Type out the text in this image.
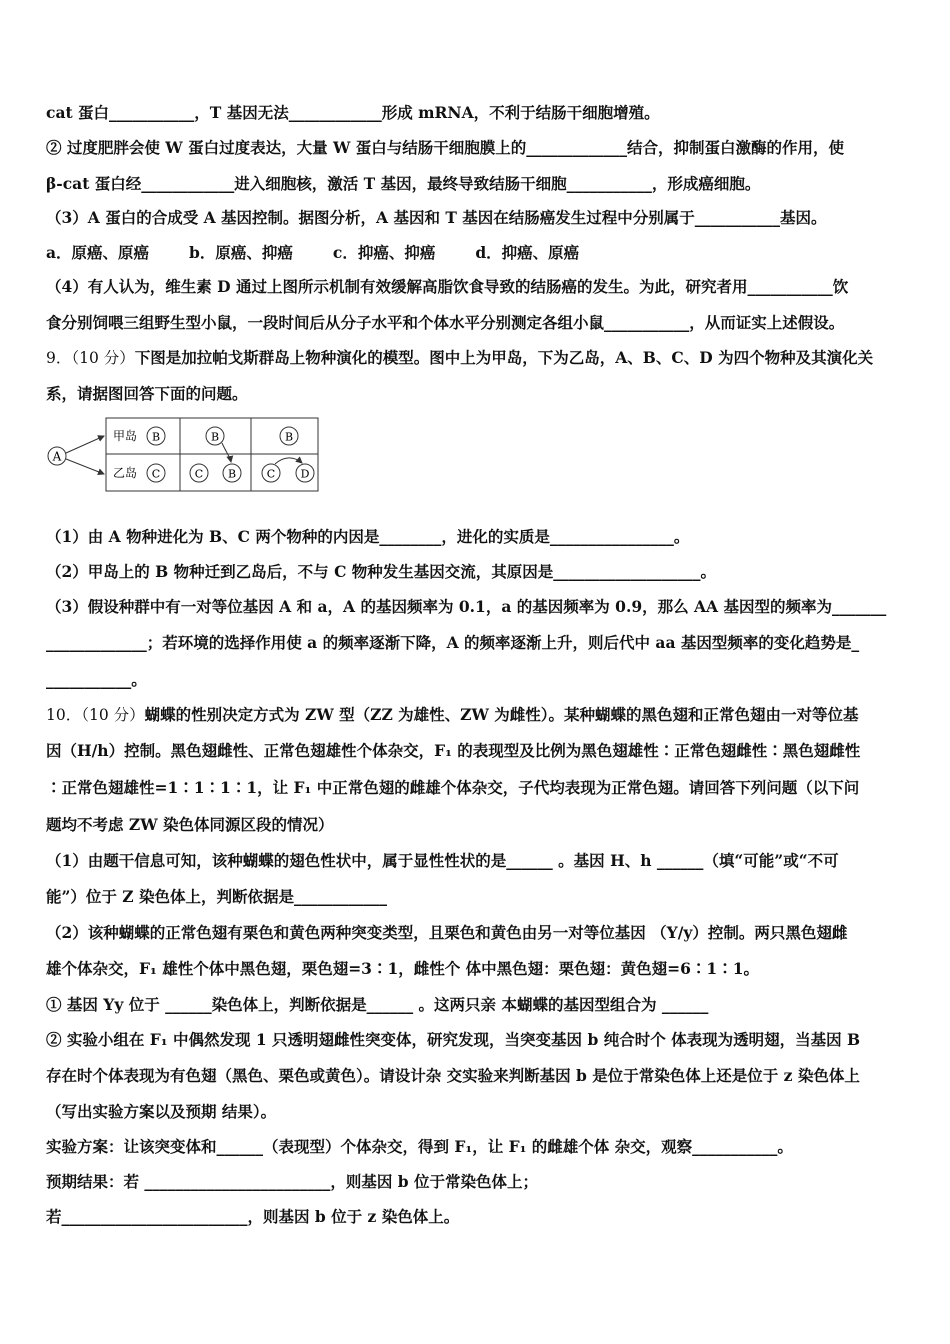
cat 蛋白___________，T 基因无法____________形成 mRNA，不利于结肠干细胞增殖。
② 过度肥胖会使 W 蛋白过度表达，大量 W 蛋白与结肠干细胞膜上的_____________结合，抑制蛋白激酶的作用，使
β-cat 蛋白经____________进入细胞核，激活 T 基因，最终导致结肠干细胞___________，形成癌细胞。
（3）A 蛋白的合成受 A 基因控制。据图分析，A 基因和 T 基因在结肠癌发生过程中分别属于___________基因。
a．原癌、原癌	b．原癌、抑癌	c．抑癌、抑癌	d．抑癌、原癌
（4）有人认为，维生素 D 通过上图所示机制有效缓解高脂饮食导致的结肠癌的发生。为此，研究者用___________饮
食分别饲喂三组野生型小鼠，一段时间后从分子水平和个体水平分别测定各组小鼠___________，从而证实上述假设。
9．（10 分）下图是加拉帕戈斯群岛上物种演化的模型。图中上为甲岛，下为乙岛，A、B、C、D 为四个物种及其演化关
系，请据图回答下面的问题。
A
甲岛
乙岛
B
C
B
C B
B
C D
（1）由 A 物种进化为 B、C 两个物种的内因是________，进化的实质是________________。
（2）甲岛上的 B 物种迁到乙岛后，不与 C 物种发生基因交流，其原因是___________________。
（3）假设种群中有一对等位基因 A 和 a，A 的基因频率为 0.1，a 的基因频率为 0.9，那么 AA 基因型的频率为_______
_____________；若环境的选择作用使 a 的频率逐渐下降，A 的频率逐渐上升，则后代中 aa 基因型频率的变化趋势是_
___________。
10．（10 分）蝴蝶的性别决定方式为 ZW 型（ZZ 为雄性、ZW 为雌性）。某种蝴蝶的黑色翅和正常色翅由一对等位基
因（H/h）控制。黑色翅雌性、正常色翅雄性个体杂交，F₁ 的表现型及比例为黑色翅雄性∶正常色翅雌性∶黑色翅雌性
∶正常色翅雄性=1∶1∶1∶1，让 F₁ 中正常色翅的雌雄个体杂交，子代均表现为正常色翅。请回答下列问题（以下问
题均不考虑 ZW 染色体同源区段的情况）
（1）由题干信息可知，该种蝴蝶的翅色性状中，属于显性性状的是______ 。基因 H、h ______（填“可能”或“不可
能”）位于 Z 染色体上，判断依据是____________
（2）该种蝴蝶的正常色翅有栗色和黄色两种突变类型，且栗色和黄色由另一对等位基因 （Y/y）控制。两只黑色翅雌
雄个体杂交，F₁ 雄性个体中黑色翅，栗色翅=3∶1，雌性个 体中黑色翅：栗色翅：黄色翅=6∶1∶1。
① 基因 Yy 位于 ______染色体上，判断依据是______ 。这两只亲 本蝴蝶的基因型组合为 ______
② 实验小组在 F₁ 中偶然发现 1 只透明翅雌性突变体，研究发现，当突变基因 b 纯合时个 体表现为透明翅，当基因 B
存在时个体表现为有色翅（黑色、栗色或黄色）。请设计杂 交实验来判断基因 b 是位于常染色体上还是位于 z 染色体上
（写出实验方案以及预期 结果）。
实验方案：让该突变体和______（表现型）个体杂交，得到 F₁，让 F₁ 的雌雄个体 杂交，观察___________。
预期结果：若 ________________________，则基因 b 位于常染色体上；
若________________________，则基因 b 位于 z 染色体上。
